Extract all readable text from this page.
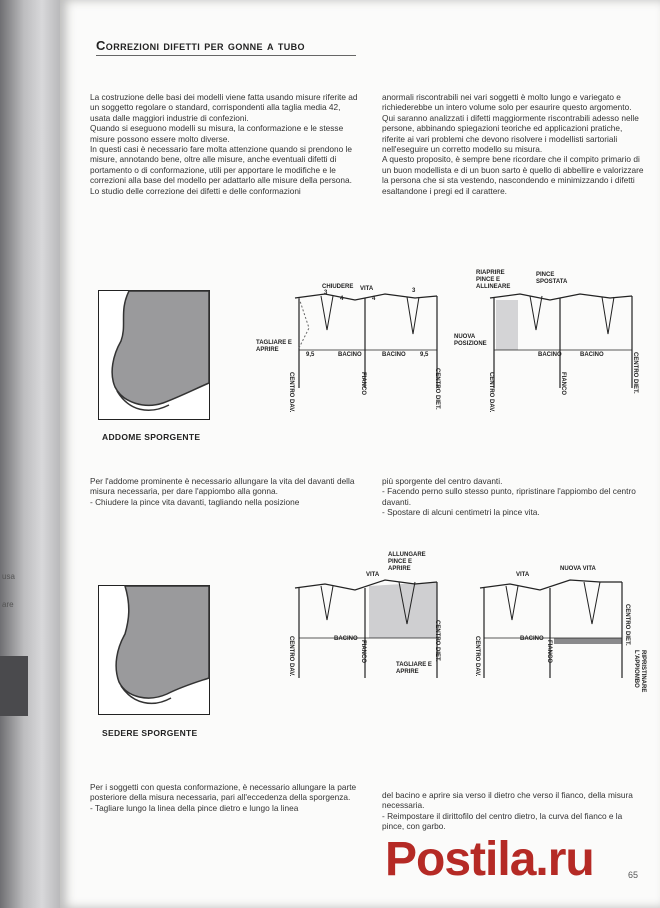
usa
are
Correzioni difetti per gonne a tubo

La costruzione delle basi dei modelli viene fatta usando misure riferite ad un soggetto regolare o standard, corrispondenti alla taglia media 42, usata dalle maggiori industrie di confezioni.

Quando si eseguono modelli su misura, la conformazione e le stesse misure possono essere molto diverse.

In questi casi è necessario fare molta attenzione quando si prendono le misure, annotando bene, oltre alle misure, anche eventuali difetti di portamento o di conformazione, utili per apportare le modifiche e le correzioni alla base del modello per adattarlo alle misure della persona.

Lo studio delle correzione dei difetti e delle conformazioni

anormali riscontrabili nei vari soggetti è molto lungo e variegato e richiederebbe un intero volume solo per esaurire questo argomento.

Qui saranno analizzati i difetti maggiormente riscontrabili adesso nelle persone, abbinando spiegazioni teoriche ed applicazioni pratiche, riferite ai vari problemi che devono risolvere i modellisti sartoriali nell'eseguire un corretto modello su misura.

A questo proposito, è sempre bene ricordare che il compito primario di un buon modellista e di un buon sarto è quello di abbellire e valorizzare la persona che si sta vestendo, nascondendo e minimizzando i difetti esaltandone i pregi ed il carattere.

ADDOME SPORGENTE
CHIUDERE VITA
TAGLIARE E APRIRE
BACINO	BACINO
9,5	9,5
3	3
4	4
CENTRO DAV.	FIANCO	CENTRO DIET.
RIAPRIRE PINCE E ALLINEARE
PINCE SPOSTATA
NUOVA POSIZIONE
BACINO	BACINO
CENTRO DAV.	FIANCO	CENTRO DIET.

Per l'addome prominente è necessario allungare la vita del davanti della misura necessaria, per dare l'appiombo alla gonna.

- Chiudere la pince vita davanti, tagliando nella posizione

più sporgente del centro davanti.

- Facendo perno sullo stesso punto, ripristinare l'appiombo del centro davanti.

- Spostare di alcuni centimetri la pince vita.

SEDERE SPORGENTE
ALLUNGARE PINCE E APRIRE
VITA
BACINO
TAGLIARE E APRIRE
CENTRO DAV.	FIANCO	CENTRO DIET.
VITA
NUOVA VITA
BACINO
CENTRO DAV.	FIANCO
CENTRO DIET.
RIPRISTINARE L'APPIOMBO

Per i soggetti con questa conformazione, è necessario allungare la parte posteriore della misura necessaria, pari all'eccedenza della sporgenza.

- Tagliare lungo la linea della pince dietro e lungo la linea

del bacino e aprire sia verso il dietro che verso il fianco, della misura necessaria.

- Reimpostare il dirittofilo del centro dietro, la curva del fianco e la pince, con garbo.

65
Postila.ru
